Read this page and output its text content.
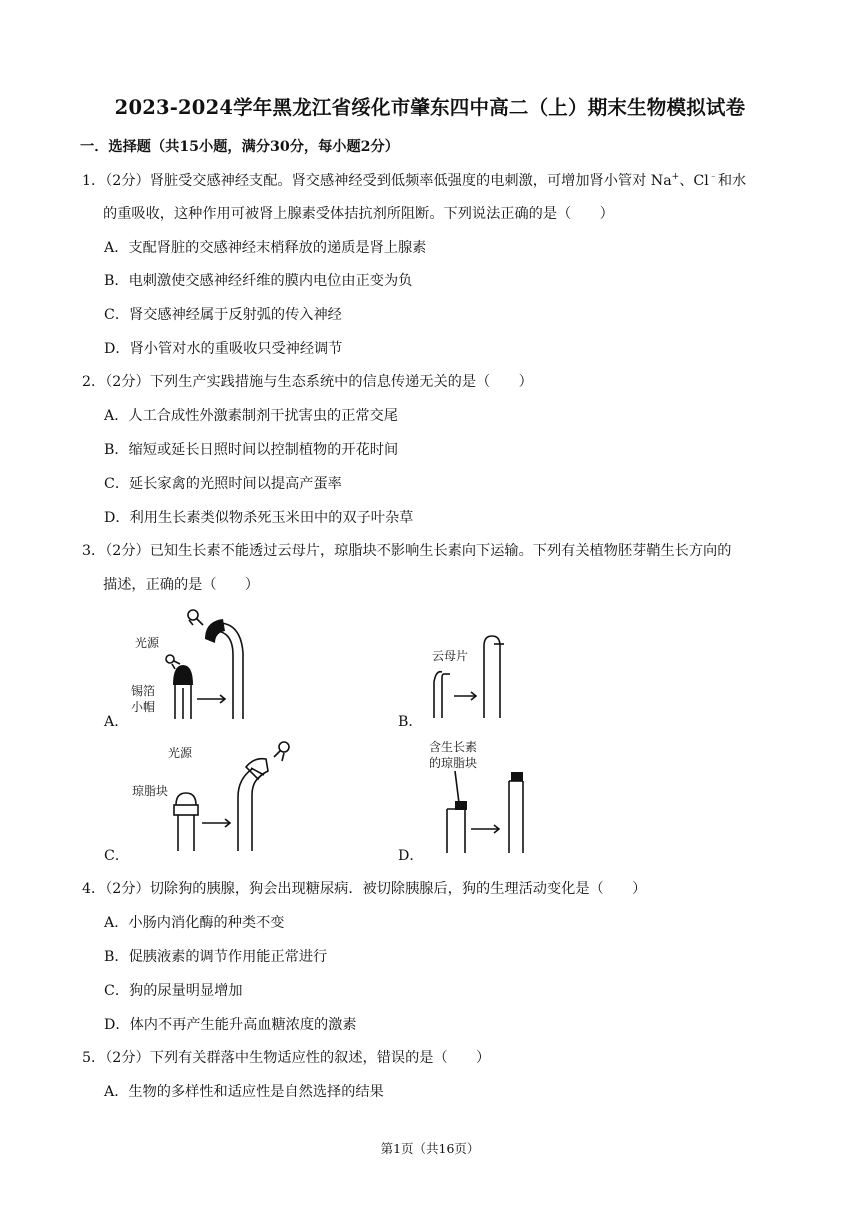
2023-2024学年黑龙江省绥化市肇东四中高二（上）期末生物模拟试卷
一．选择题（共15小题，满分30分，每小题2分）
1．（2分）肾脏受交感神经支配。肾交感神经受到低频率低强度的电刺激，可增加肾小管对 Na+、Cl﹣和水
的重吸收，这种作用可被肾上腺素受体拮抗剂所阻断。下列说法正确的是（　　）
A．支配肾脏的交感神经末梢释放的递质是肾上腺素
B．电刺激使交感神经纤维的膜内电位由正变为负
C．肾交感神经属于反射弧的传入神经
D．肾小管对水的重吸收只受神经调节
2．（2分）下列生产实践措施与生态系统中的信息传递无关的是（　　）
A．人工合成性外激素制剂干扰害虫的正常交尾
B．缩短或延长日照时间以控制植物的开花时间
C．延长家禽的光照时间以提高产蛋率
D．利用生长素类似物杀死玉米田中的双子叶杂草
3．（2分）已知生长素不能透过云母片，琼脂块不影响生长素向下运输。下列有关植物胚芽鞘生长方向的
描述，正确的是（　　）
A．
光源
锡箔
小帽
B．
云母片
C．
光源
琼脂块
D．
含生长素
的琼脂块
4．（2分）切除狗的胰腺，狗会出现糖尿病．被切除胰腺后，狗的生理活动变化是（　　）
A．小肠内消化酶的种类不变
B．促胰液素的调节作用能正常进行
C．狗的尿量明显增加
D．体内不再产生能升高血糖浓度的激素
5．（2分）下列有关群落中生物适应性的叙述，错误的是（　　）
A．生物的多样性和适应性是自然选择的结果
第1页（共16页）
